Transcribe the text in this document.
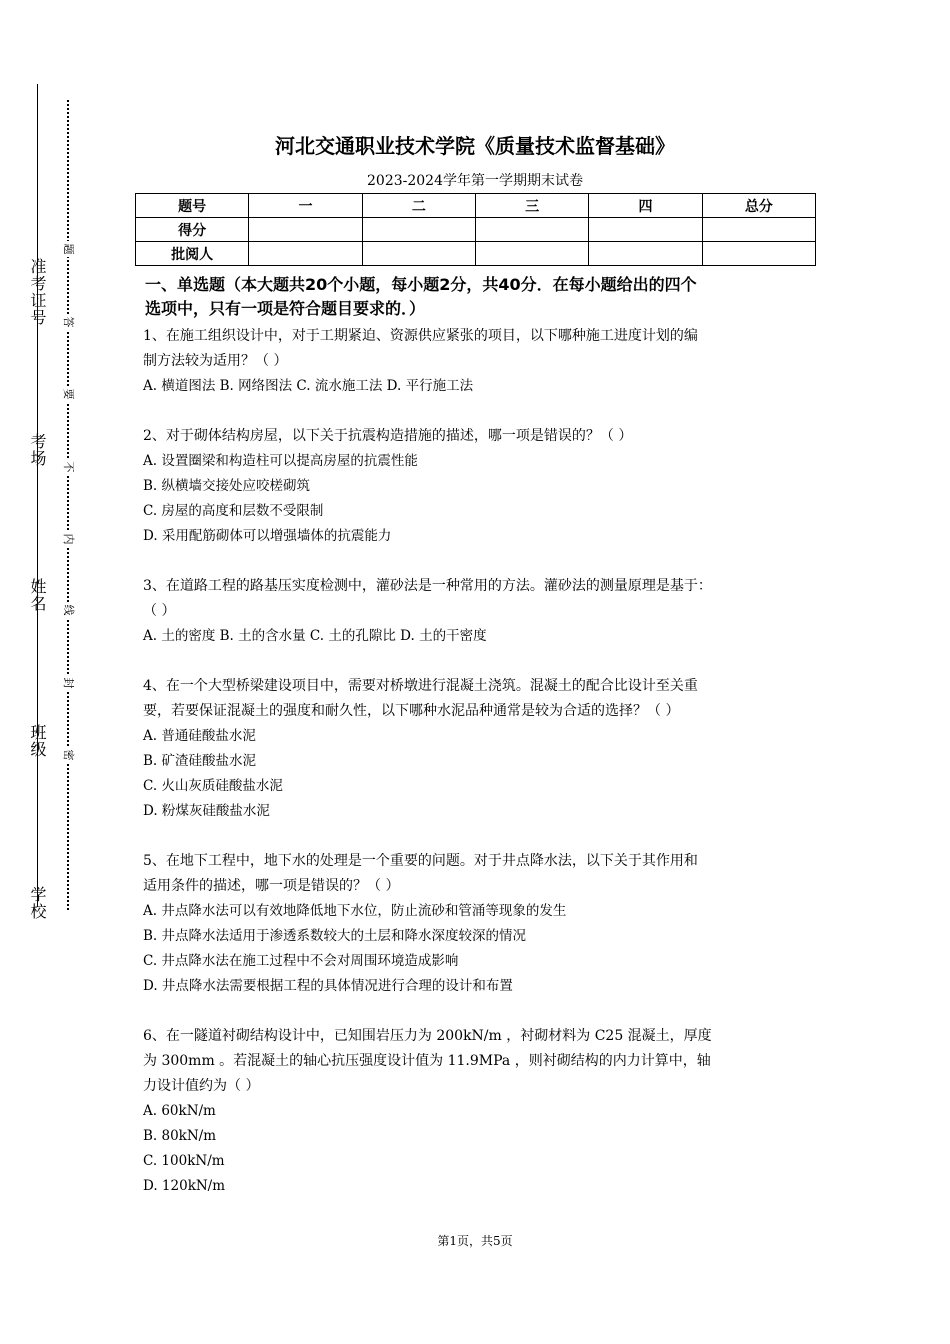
准考证号
考场
姓名
班级
学校
题
答
要
不
内
线
封
密
河北交通职业技术学院《质量技术监督基础》
2023-2024学年第一学期期末试卷
题号	一	二	三	四	总分
得分					
批阅人					
一、单选题（本大题共20个小题，每小题2分，共40分．在每小题给出的四个
选项中，只有一项是符合题目要求的．）
1、在施工组织设计中，对于工期紧迫、资源供应紧张的项目，以下哪种施工进度计划的编
制方法较为适用？（ ）
A. 横道图法 B. 网络图法 C. 流水施工法 D. 平行施工法
2、对于砌体结构房屋，以下关于抗震构造措施的描述，哪一项是错误的？（ ）
A. 设置圈梁和构造柱可以提高房屋的抗震性能
B. 纵横墙交接处应咬槎砌筑
C. 房屋的高度和层数不受限制
D. 采用配筋砌体可以增强墙体的抗震能力
3、在道路工程的路基压实度检测中，灌砂法是一种常用的方法。灌砂法的测量原理是基于：
（ ）
A. 土的密度 B. 土的含水量 C. 土的孔隙比 D. 土的干密度
4、在一个大型桥梁建设项目中，需要对桥墩进行混凝土浇筑。混凝土的配合比设计至关重
要，若要保证混凝土的强度和耐久性，以下哪种水泥品种通常是较为合适的选择？（ ）
A. 普通硅酸盐水泥
B. 矿渣硅酸盐水泥
C. 火山灰质硅酸盐水泥
D. 粉煤灰硅酸盐水泥
5、在地下工程中，地下水的处理是一个重要的问题。对于井点降水法，以下关于其作用和
适用条件的描述，哪一项是错误的？（ ）
A. 井点降水法可以有效地降低地下水位，防止流砂和管涌等现象的发生
B. 井点降水法适用于渗透系数较大的土层和降水深度较深的情况
C. 井点降水法在施工过程中不会对周围环境造成影响
D. 井点降水法需要根据工程的具体情况进行合理的设计和布置
6、在一隧道衬砌结构设计中，已知围岩压力为 200kN/m ，衬砌材料为 C25 混凝土，厚度
为 300mm 。若混凝土的轴心抗压强度设计值为 11.9MPa ，则衬砌结构的内力计算中，轴
力设计值约为（ ）
A. 60kN/m
B. 80kN/m
C. 100kN/m
D. 120kN/m
第1页，共5页
